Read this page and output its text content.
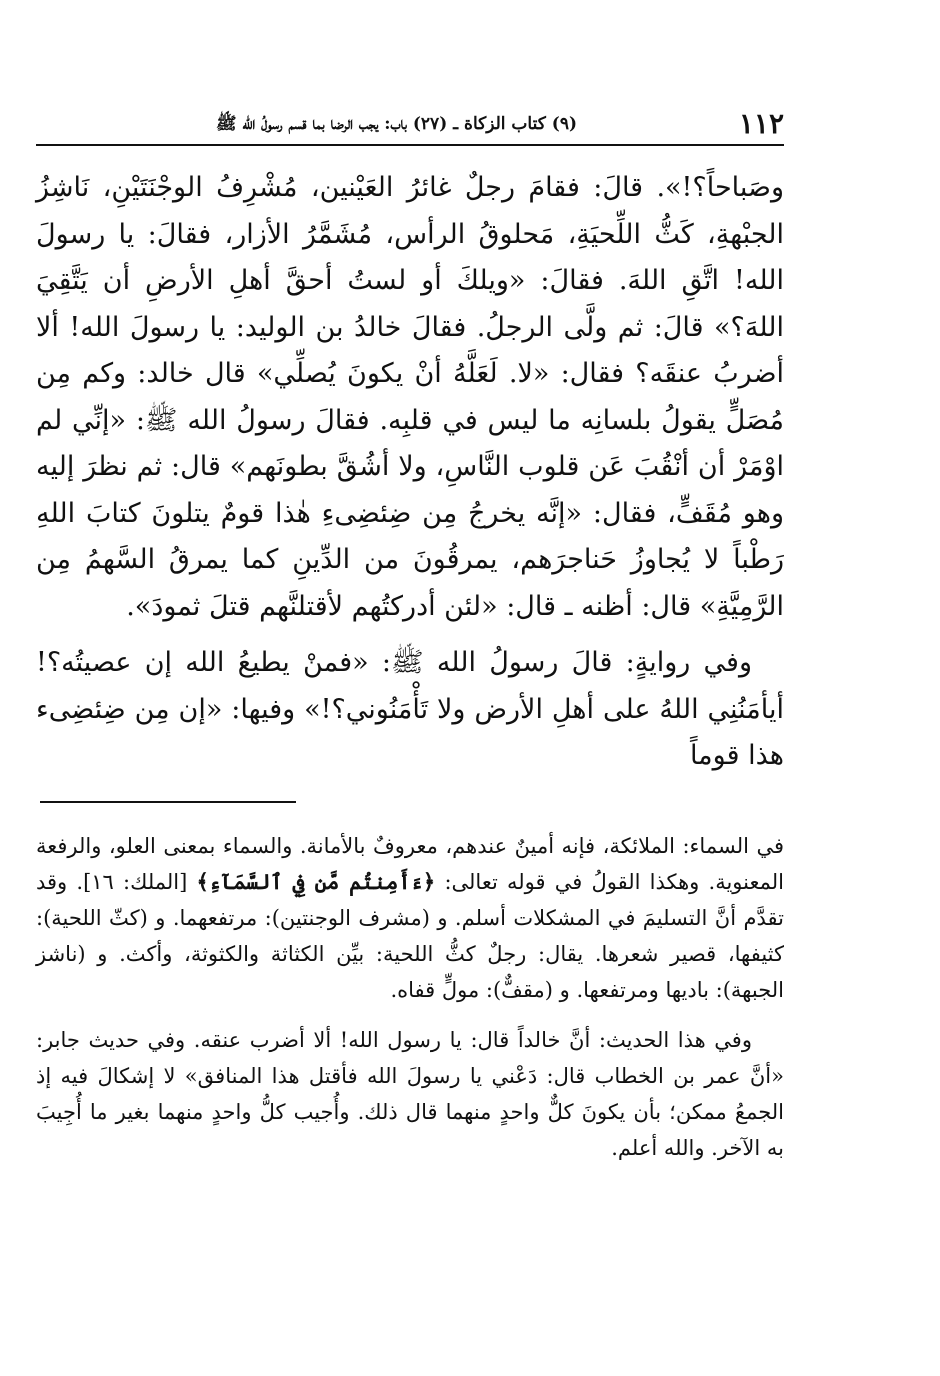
١١٢
(٩) كتاب الزكاة ـ (٢٧) باب: يجب الرضا بما قسم رسولُ الله ﷺ

وصَباحاً؟!». قالَ: فقامَ رجلٌ غائرُ العَيْنين، مُشْرِفُ الوجْنَتَيْنِ، نَاشِزُ الجبْهةِ، كَثُّ اللِّحيَةِ، مَحلوقُ الرأس، مُشَمَّرُ الأزار، فقالَ: يا رسولَ الله! اتَّقِ اللهَ. فقالَ: «ويلكَ أو لستُ أحقَّ أهلِ الأرضِ أن يَتَّقِيَ اللهَ؟» قالَ: ثم ولَّى الرجلُ. فقالَ خالدُ بن الوليد: يا رسولَ الله! ألا أضربُ عنقَه؟ فقال: «لا. لَعَلَّهُ أنْ يكونَ يُصلِّي» قال خالد: وكم مِن مُصَلٍّ يقولُ بلسانِه ما ليس في قلبِه. فقالَ رسولُ الله ﷺ: «إنِّي لم اوْمَرْ أن أنْقُبَ عَن قلوب النَّاسِ، ولا أشُقَّ بطونَهم» قال: ثم نظرَ إليه وهو مُقَفٍّ، فقال: «إنَّه يخرجُ مِن ضِئضِىءِ هٰذا قومٌ يتلونَ كتابَ اللهِ رَطْباً لا يُجاوزُ حَناجرَهم، يمرقُونَ من الدِّينِ كما يمرقُ السَّهمُ مِن الرَّمِيَّةِ» قال: أظنه ـ قال: «لئن أدركتُهم لأقتلنَّهم قتلَ ثمودَ».

وفي روايةٍ: قالَ رسولُ الله ﷺ: «فمنْ يطيعُ الله إن عصيتُه؟! أيأمَنُنِي اللهُ على أهلِ الأرض ولا تَأْمَنُوني؟!» وفيها: «إن مِن ضِئضِىء هذا قوماً

في السماء: الملائكة، فإنه أمينٌ عندهم، معروفٌ بالأمانة. والسماء بمعنى العلو، والرفعة المعنوية. وهكذا القولُ في قوله تعالى: ﴿ءَأَمِنتُم مَّن فِي ٱلسَّمَآءِ﴾ [الملك: ١٦]. وقد تقدَّم أنَّ التسليمَ في المشكلات أسلم. و (مشرف الوجنتين): مرتفعهما. و (كثّ اللحية): كثيفها، قصير شعرها. يقال: رجلٌ كثُّ اللحية: بيِّن الكثاثة والكثوثة، وأكث. و (ناشز الجبهة): باديها ومرتفعها. و (مقفٌّ): مولٍّ قفاه.

وفي هذا الحديث: أنَّ خالداً قال: يا رسول الله! ألا أضرب عنقه. وفي حديث جابر: «أنَّ عمر بن الخطاب قال: دَعْني يا رسولَ الله فأقتل هذا المنافق» لا إشكالَ فيه إذ الجمعُ ممكن؛ بأن يكونَ كلٌّ واحدٍ منهما قال ذلك. وأُجيب كلُّ واحدٍ منهما بغير ما أُجِيبَ به الآخر. والله أعلم.
